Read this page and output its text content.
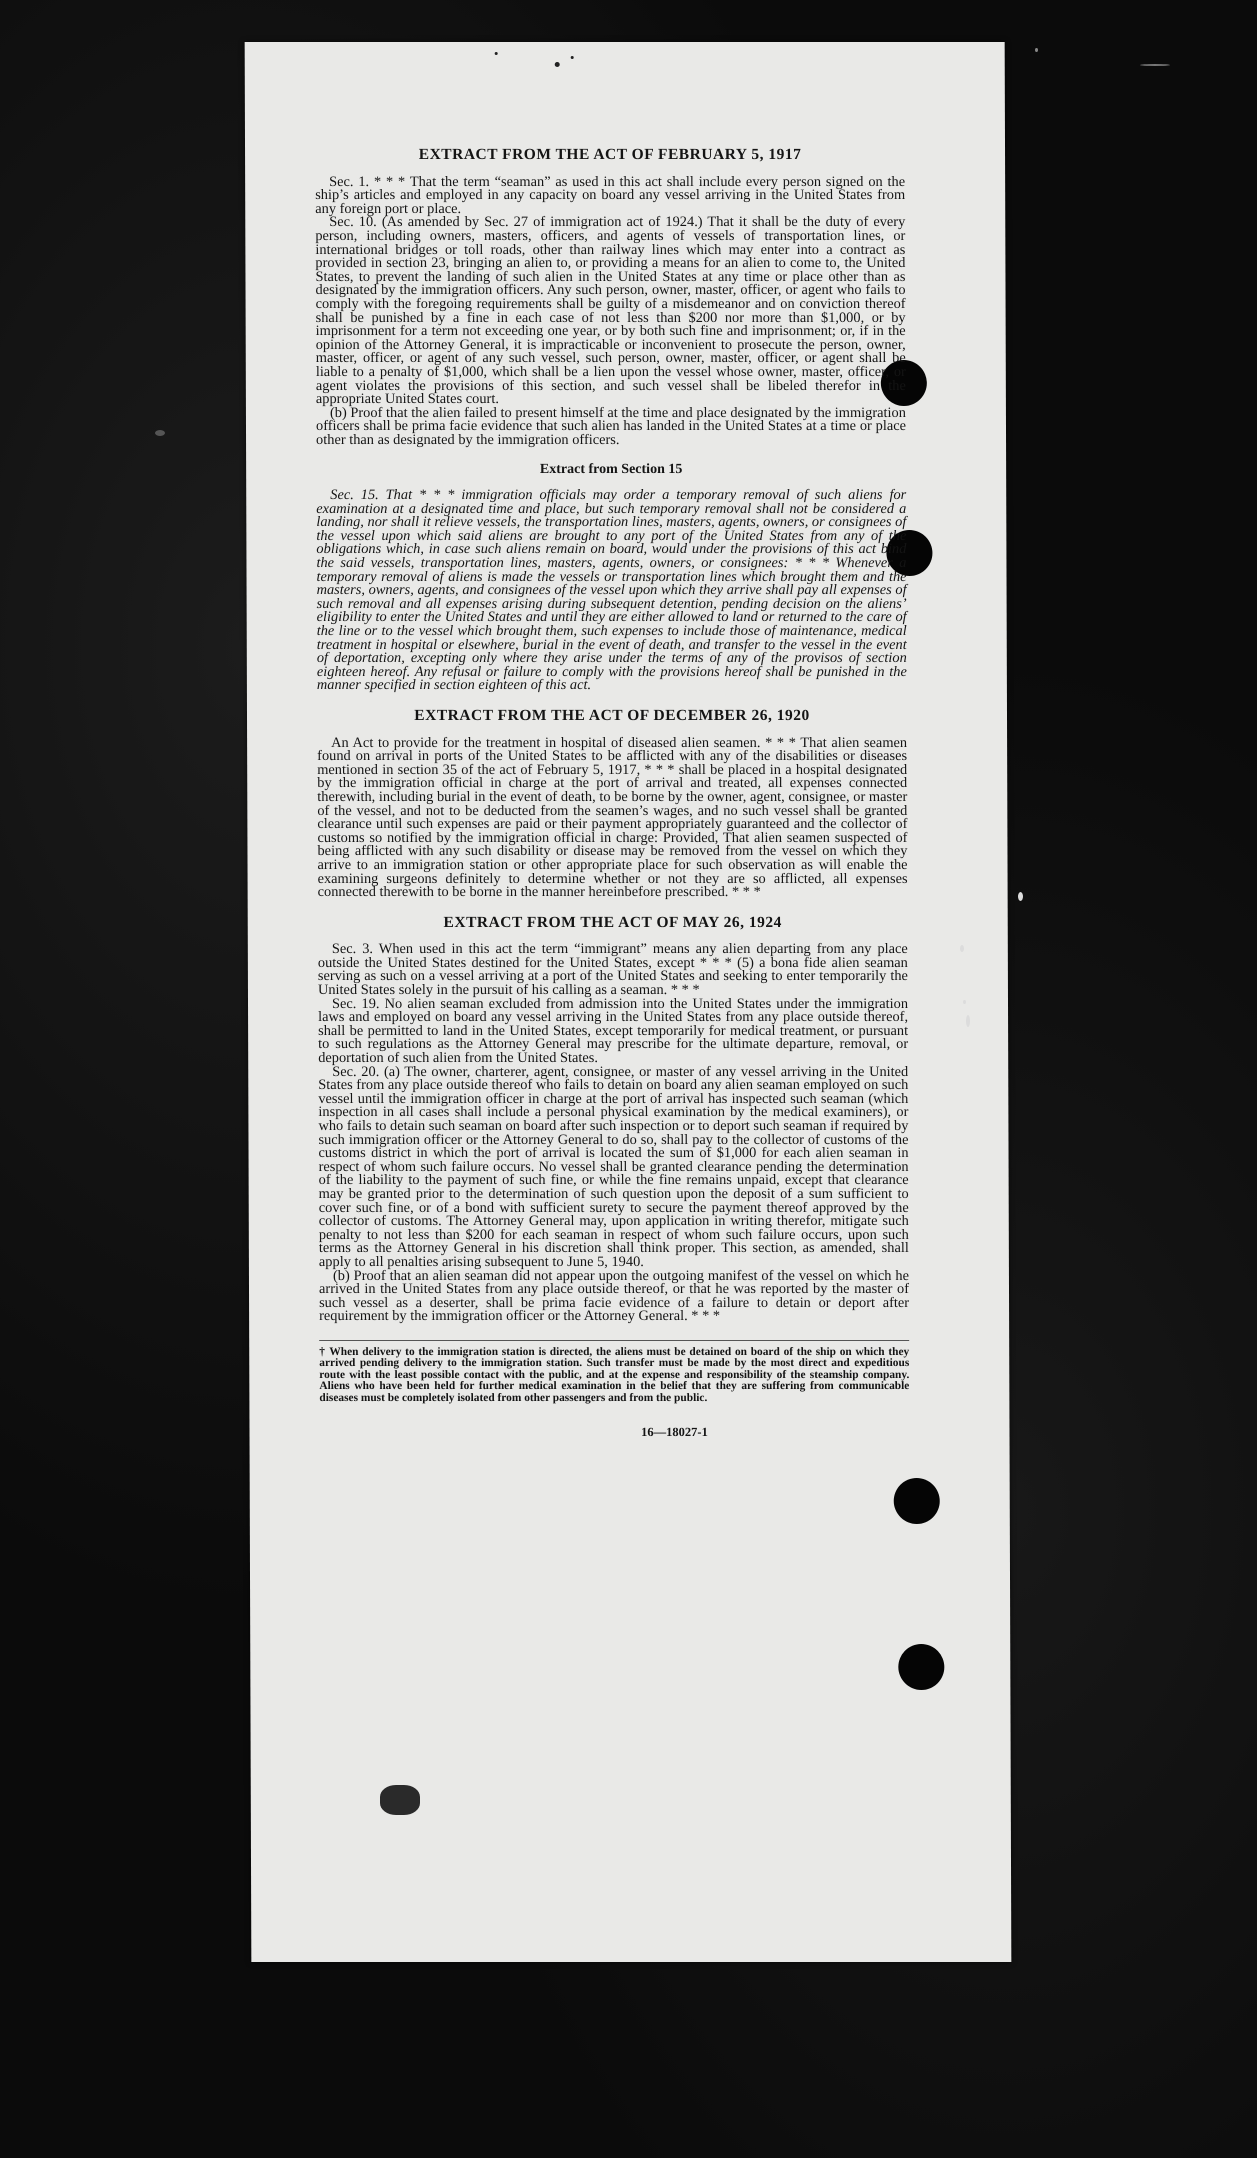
EXTRACT FROM THE ACT OF FEBRUARY 5, 1917

Sec. 1. * * * That the term “seaman” as used in this act shall include every person signed on the ship’s articles and employed in any capacity on board any vessel arriving in the United States from any foreign port or place.

Sec. 10. (As amended by Sec. 27 of immigration act of 1924.) That it shall be the duty of every person, including owners, masters, officers, and agents of vessels of transportation lines, or international bridges or toll roads, other than railway lines which may enter into a contract as provided in section 23, bringing an alien to, or providing a means for an alien to come to, the United States, to prevent the landing of such alien in the United States at any time or place other than as designated by the immigration officers. Any such person, owner, master, officer, or agent who fails to comply with the foregoing requirements shall be guilty of a misdemeanor and on conviction thereof shall be punished by a fine in each case of not less than $200 nor more than $1,000, or by imprisonment for a term not exceeding one year, or by both such fine and imprisonment; or, if in the opinion of the Attorney General, it is impracticable or inconvenient to prosecute the person, owner, master, officer, or agent of any such vessel, such person, owner, master, officer, or agent shall be liable to a penalty of $1,000, which shall be a lien upon the vessel whose owner, master, officer, or agent violates the provisions of this section, and such vessel shall be libeled therefor in the appropriate United States court.

(b) Proof that the alien failed to present himself at the time and place designated by the immigration officers shall be prima facie evidence that such alien has landed in the United States at a time or place other than as designated by the immigration officers.

Extract from Section 15

Sec. 15. That * * * immigration officials may order a temporary removal of such aliens for examination at a designated time and place, but such temporary removal shall not be considered a landing, nor shall it relieve vessels, the transportation lines, masters, agents, owners, or consignees of the vessel upon which said aliens are brought to any port of the United States from any of the obligations which, in case such aliens remain on board, would under the provisions of this act bind the said vessels, transportation lines, masters, agents, owners, or consignees: * * * Whenever a temporary removal of aliens is made the vessels or transportation lines which brought them and the masters, owners, agents, and consignees of the vessel upon which they arrive shall pay all expenses of such removal and all expenses arising during subsequent detention, pending decision on the aliens’ eligibility to enter the United States and until they are either allowed to land or returned to the care of the line or to the vessel which brought them, such expenses to include those of maintenance, medical treatment in hospital or elsewhere, burial in the event of death, and transfer to the vessel in the event of deportation, excepting only where they arise under the terms of any of the provisos of section eighteen hereof. Any refusal or failure to comply with the provisions hereof shall be punished in the manner specified in section eighteen of this act.

EXTRACT FROM THE ACT OF DECEMBER 26, 1920

An Act to provide for the treatment in hospital of diseased alien seamen. * * * That alien seamen found on arrival in ports of the United States to be afflicted with any of the disabilities or diseases mentioned in section 35 of the act of February 5, 1917, * * * shall be placed in a hospital designated by the immigration official in charge at the port of arrival and treated, all expenses connected therewith, including burial in the event of death, to be borne by the owner, agent, consignee, or master of the vessel, and not to be deducted from the seamen’s wages, and no such vessel shall be granted clearance until such expenses are paid or their payment appropriately guaranteed and the collector of customs so notified by the immigration official in charge: Provided, That alien seamen suspected of being afflicted with any such disability or disease may be removed from the vessel on which they arrive to an immigration station or other appropriate place for such observation as will enable the examining surgeons definitely to determine whether or not they are so afflicted, all expenses connected therewith to be borne in the manner hereinbefore prescribed. * * *

EXTRACT FROM THE ACT OF MAY 26, 1924

Sec. 3. When used in this act the term “immigrant” means any alien departing from any place outside the United States destined for the United States, except * * * (5) a bona fide alien seaman serving as such on a vessel arriving at a port of the United States and seeking to enter temporarily the United States solely in the pursuit of his calling as a seaman. * * *

Sec. 19. No alien seaman excluded from admission into the United States under the immigration laws and employed on board any vessel arriving in the United States from any place outside thereof, shall be permitted to land in the United States, except temporarily for medical treatment, or pursuant to such regulations as the Attorney General may prescribe for the ultimate departure, removal, or deportation of such alien from the United States.

Sec. 20. (a) The owner, charterer, agent, consignee, or master of any vessel arriving in the United States from any place outside thereof who fails to detain on board any alien seaman employed on such vessel until the immigration officer in charge at the port of arrival has inspected such seaman (which inspection in all cases shall include a personal physical examination by the medical examiners), or who fails to detain such seaman on board after such inspection or to deport such seaman if required by such immigration officer or the Attorney General to do so, shall pay to the collector of customs of the customs district in which the port of arrival is located the sum of $1,000 for each alien seaman in respect of whom such failure occurs. No vessel shall be granted clearance pending the determination of the liability to the payment of such fine, or while the fine remains unpaid, except that clearance may be granted prior to the determination of such question upon the deposit of a sum sufficient to cover such fine, or of a bond with sufficient surety to secure the payment thereof approved by the collector of customs. The Attorney General may, upon application in writing therefor, mitigate such penalty to not less than $200 for each seaman in respect of whom such failure occurs, upon such terms as the Attorney General in his discretion shall think proper. This section, as amended, shall apply to all penalties arising subsequent to June 5, 1940.

(b) Proof that an alien seaman did not appear upon the outgoing manifest of the vessel on which he arrived in the United States from any place outside thereof, or that he was reported by the master of such vessel as a deserter, shall be prima facie evidence of a failure to detain or deport after requirement by the immigration officer or the Attorney General. * * *

† When delivery to the immigration station is directed, the aliens must be detained on board of the ship on which they arrived pending delivery to the immigration station. Such transfer must be made by the most direct and expeditious route with the least possible contact with the public, and at the expense and responsibility of the steamship company. Aliens who have been held for further medical examination in the belief that they are suffering from communicable diseases must be completely isolated from other passengers and from the public.
16—18027-1
